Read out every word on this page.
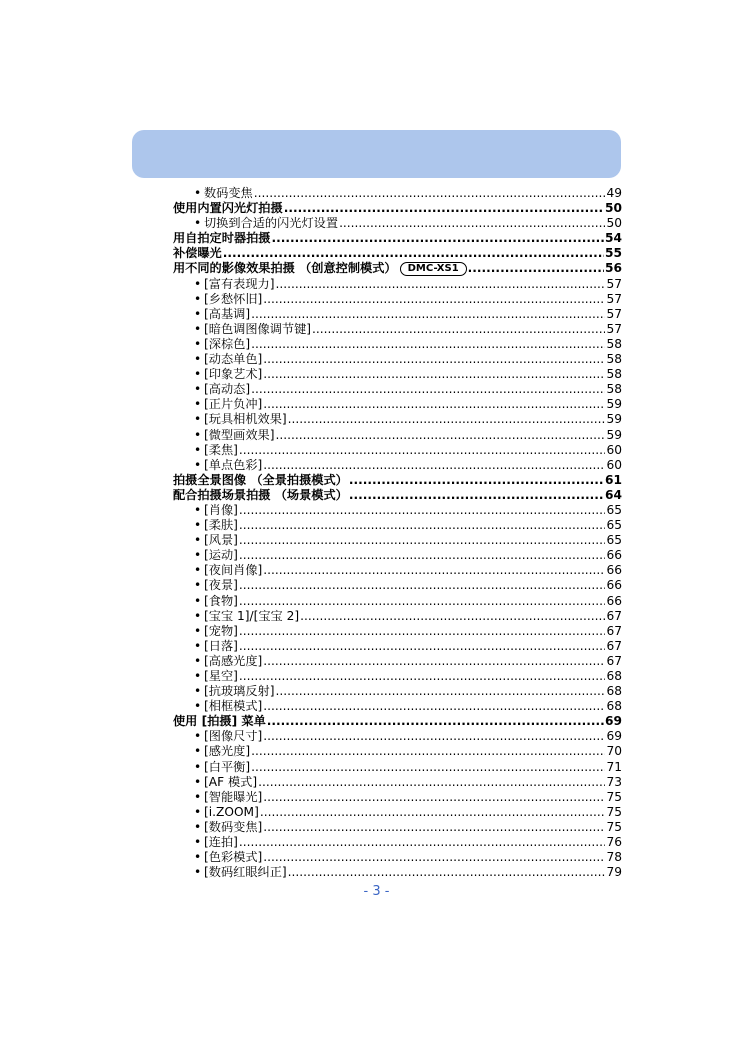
• 数码变焦 .....	49
使用内置闪光灯拍摄 .....	50
• 切换到合适的闪光灯设置 .....	50
用自拍定时器拍摄 .....	54
补偿曝光 .....	55
用不同的影像效果拍摄 （创意控制模式） DMC-XS1 .....	56
• [富有表现力] .....	57
• [乡愁怀旧] .....	57
• [高基调] .....	57
• [暗色调图像调节键] .....	57
• [深棕色] .....	58
• [动态单色] .....	58
• [印象艺术] .....	58
• [高动态] .....	58
• [正片负冲] .....	59
• [玩具相机效果] .....	59
• [微型画效果] .....	59
• [柔焦] .....	60
• [单点色彩] .....	60
拍摄全景图像 （全景拍摄模式） .....	61
配合拍摄场景拍摄 （场景模式） .....	64
• [肖像] .....	65
• [柔肤] .....	65
• [风景] .....	65
• [运动] .....	66
• [夜间肖像] .....	66
• [夜景] .....	66
• [食物] .....	66
• [宝宝 1]/[宝宝 2] .....	67
• [宠物] .....	67
• [日落] .....	67
• [高感光度] .....	67
• [星空] .....	68
• [抗玻璃反射] .....	68
• [相框模式] .....	68
使用 [拍摄] 菜单 .....	69
• [图像尺寸] .....	69
• [感光度] .....	70
• [白平衡] .....	71
• [AF 模式] .....	73
• [智能曝光] .....	75
• [i.ZOOM] .....	75
• [数码变焦] .....	75
• [连拍] .....	76
• [色彩模式] .....	78
• [数码红眼纠正] .....	79
- 3 -
